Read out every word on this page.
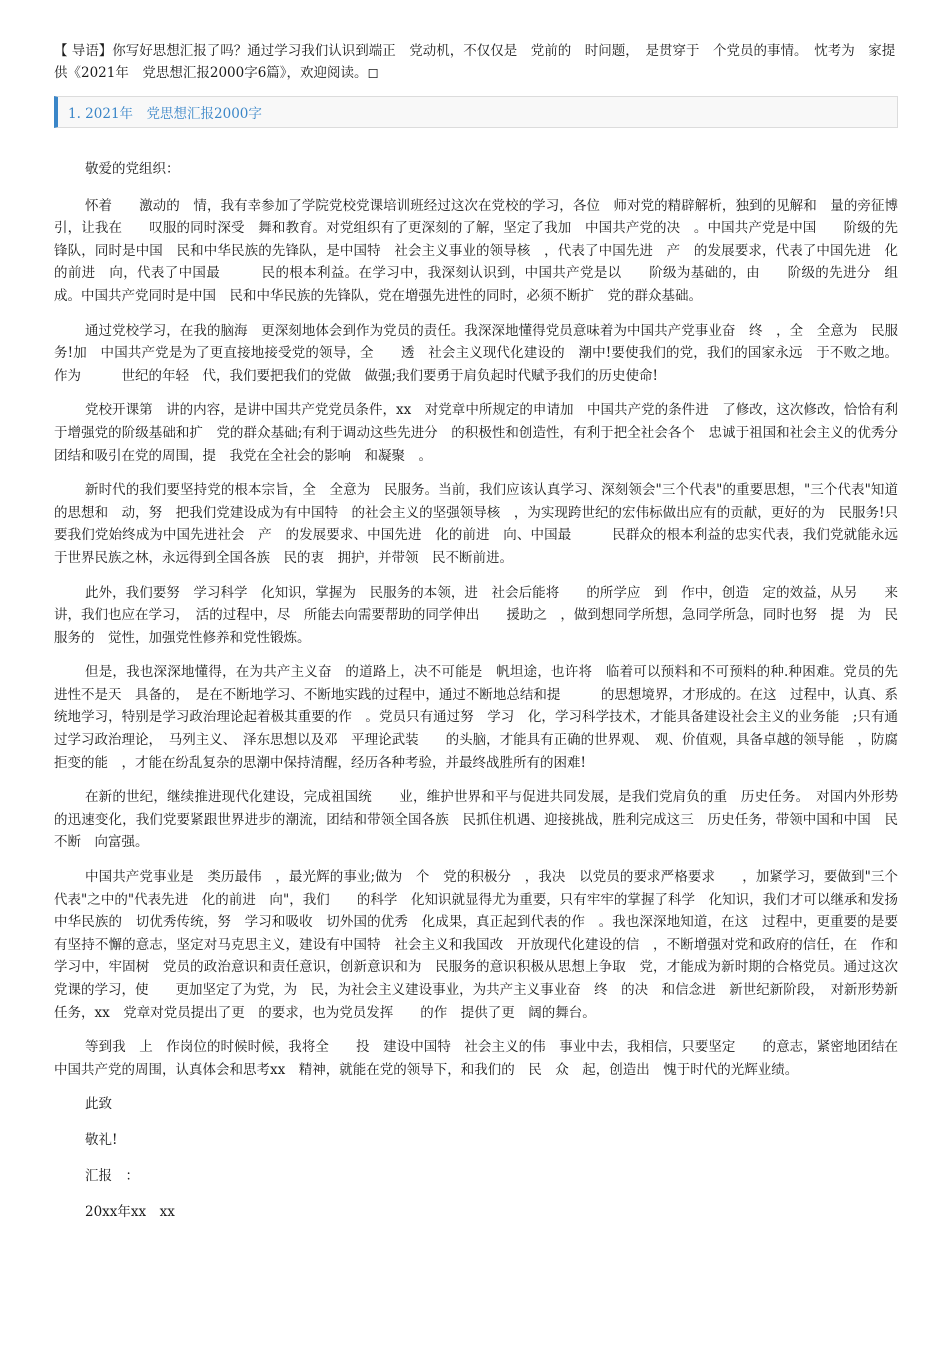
【 导语】你写好思想汇报了吗？通过学习我们认识到端正　党动机，不仅仅是　党前的　时问题，　是贯穿于　个党员的事情。　忱考为　家提供《2021年　党思想汇报2000字6篇》，欢迎阅读。◻

1. 2021年　党思想汇报2000字

敬爱的党组织：

怀着　　激动的　情，我有幸参加了学院党校党课培训班经过这次在党校的学习，各位　师对党的精辟解析，独到的见解和　量的旁征博引，让我在　　叹服的同时深受　舞和教育。对党组织有了更深刻的了解，坚定了我加　中国共产党的决　。中国共产党是中国　　阶级的先锋队，同时是中国　民和中华民族的先锋队，是中国特　社会主义事业的领导核　，代表了中国先进　产　的发展要求，代表了中国先进　化的前进　向，代表了中国最　　　民的根本利益。在学习中，我深刻认识到，中国共产党是以　　阶级为基础的，由　　阶级的先进分　组成。中国共产党同时是中国　民和中华民族的先锋队，党在增强先进性的同时，必须不断扩　党的群众基础。

通过党校学习，在我的脑海　更深刻地体会到作为党员的责任。我深深地懂得党员意味着为中国共产党事业奋　终　，全　全意为　民服务!加　中国共产党是为了更直接地接受党的领导，全　　透　社会主义现代化建设的　潮中!要使我们的党，我们的国家永远　于不败之地。作为　　　世纪的年轻　代，我们要把我们的党做　做强;我们要勇于肩负起时代赋予我们的历史使命!

党校开课第　讲的内容，是讲中国共产党党员条件，xx　对党章中所规定的申请加　中国共产党的条件进　了修改，这次修改，恰恰有利于增强党的阶级基础和扩　党的群众基础;有利于调动这些先进分　的积极性和创造性，有利于把全社会各个　忠诚于祖国和社会主义的优秀分　团结和吸引在党的周围，提　我党在全社会的影响　和凝聚　。

新时代的我们要坚持党的根本宗旨，全　全意为　民服务。当前，我们应该认真学习、深刻领会"三个代表"的重要思想，"三个代表"知道　　的思想和　动，努　把我们党建设成为有中国特　的社会主义的坚强领导核　，为实现跨世纪的宏伟标做出应有的贡献，更好的为　民服务!只要我们党始终成为中国先进社会　产　的发展要求、中国先进　化的前进　向、中国最　　　民群众的根本利益的忠实代表，我们党就能永远　于世界民族之林，永远得到全国各族　民的衷　拥护，并带领　民不断前进。

此外，我们要努　学习科学　化知识，掌握为　民服务的本领，进　社会后能将　　的所学应　到　作中，创造　定的效益，从另　　来讲，我们也应在学习，　活的过程中，尽　所能去向需要帮助的同学伸出　　援助之　，做到想同学所想，急同学所急，同时也努　提　为　民服务的　觉性，加强党性修养和党性锻炼。

但是，我也深深地懂得，在为共产主义奋　的道路上，决不可能是　帆坦途，也许将　临着可以预料和不可预料的种.种困难。党员的先进性不是天　具备的，　是在不断地学习、不断地实践的过程中，通过不断地总结和提　　　的思想境界，才形成的。在这　过程中，认真、系统地学习，特别是学习政治理论起着极其重要的作　。党员只有通过努　学习　化，学习科学技术，才能具备建设社会主义的业务能　;只有通过学习政治理论，　马列主义、　泽东思想以及邓　平理论武装　　的头脑，才能具有正确的世界观、　观、价值观，具备卓越的领导能　，防腐拒变的能　，才能在纷乱复杂的思潮中保持清醒，经历各种考验，并最终战胜所有的困难!

在新的世纪，继续推进现代化建设，完成祖国统　　业，维护世界和平与促进共同发展，是我们党肩负的重　历史任务。　对国内外形势的迅速变化，我们党要紧跟世界进步的潮流，团结和带领全国各族　民抓住机遇、迎接挑战，胜利完成这三　历史任务，带领中国和中国　民不断　向富强。

中国共产党事业是　类历最伟　，最光辉的事业;做为　个　党的积极分　，我决　以党员的要求严格要求　　，加紧学习，要做到"三个代表"之中的"代表先进　化的前进　向"，我们　　的科学　化知识就显得尤为重要，只有牢牢的掌握了科学　化知识，我们才可以继承和发扬中华民族的　切优秀传统，努　学习和吸收　切外国的优秀　化成果，真正起到代表的作　。我也深深地知道，在这　过程中，更重要的是要有坚持不懈的意志，坚定对马克思主义，建设有中国特　社会主义和我国改　开放现代化建设的信　，不断增强对党和政府的信任，在　作和学习中，牢固树　党员的政治意识和责任意识，创新意识和为　民服务的意识积极从思想上争取　党，才能成为新时期的合格党员。通过这次党课的学习，使　　更加坚定了为党，为　民，为社会主义建设事业，为共产主义事业奋　终　的决　和信念进　新世纪新阶段，　对新形势新任务，xx　党章对党员提出了更　的要求，也为党员发挥　　的作　提供了更　阔的舞台。

等到我　上　作岗位的时候时候，我将全　　投　建设中国特　社会主义的伟　事业中去，我相信，只要坚定　　的意志，紧密地团结在中国共产党的周围，认真体会和思考xx　精神，就能在党的领导下，和我们的　民　众　起，创造出　愧于时代的光辉业绩。

此致

敬礼!

汇报　：

20xx年xx　xx
